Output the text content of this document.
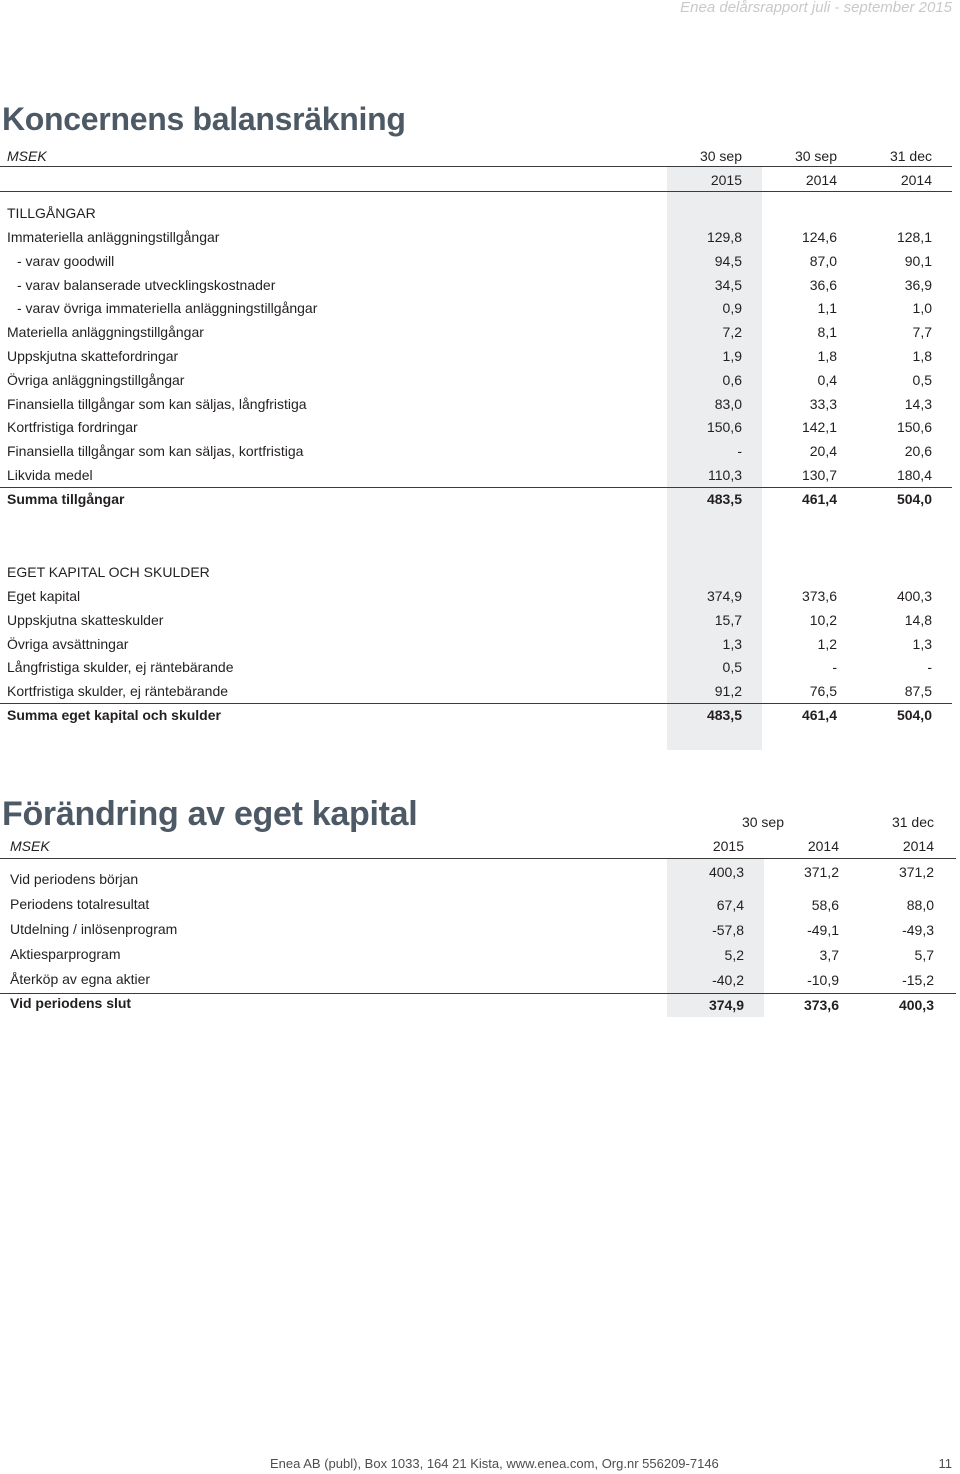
Enea delårsrapport juli - september 2015
Koncernens balansräkning
MSEK	30 sep	30 sep	31 dec
2015	2014	2014
TILLGÅNGAR
Immateriella anläggningstillgångar	129,8	124,6	128,1
- varav goodwill	94,5	87,0	90,1
- varav balanserade utvecklingskostnader	34,5	36,6	36,9
- varav övriga immateriella anläggningstillgångar	0,9	1,1	1,0
Materiella anläggningstillgångar	7,2	8,1	7,7
Uppskjutna skattefordringar	1,9	1,8	1,8
Övriga anläggningstillgångar	0,6	0,4	0,5
Finansiella tillgångar som kan säljas, långfristiga	83,0	33,3	14,3
Kortfristiga fordringar	150,6	142,1	150,6
Finansiella tillgångar som kan säljas, kortfristiga	-	20,4	20,6
Likvida medel	110,3	130,7	180,4
Summa tillgångar	483,5	461,4	504,0
EGET KAPITAL OCH SKULDER
Eget kapital	374,9	373,6	400,3
Uppskjutna skatteskulder	15,7	10,2	14,8
Övriga avsättningar	1,3	1,2	1,3
Långfristiga skulder, ej räntebärande	0,5	-	-
Kortfristiga skulder, ej räntebärande	91,2	76,5	87,5
Summa eget kapital och skulder	483,5	461,4	504,0
Förändring av eget kapital	30 sep	31 dec
MSEK	2015	2014	2014
Vid periodens början	400,3	371,2	371,2
Periodens totalresultat	67,4	58,6	88,0
Utdelning / inlösenprogram	-57,8	-49,1	-49,3
Aktiesparprogram	5,2	3,7	5,7
Återköp av egna aktier	-40,2	-10,9	-15,2
Vid periodens slut	374,9	373,6	400,3
Enea AB (publ), Box 1033, 164 21 Kista, www.enea.com, Org.nr 556209-7146	11
